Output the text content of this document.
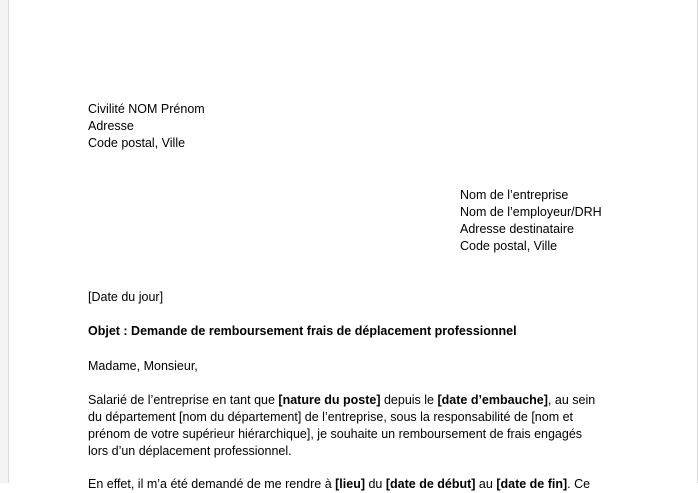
Civilité NOM Prénom
Adresse
Code postal, Ville
Nom de l’entreprise
Nom de l’employeur/DRH
Adresse destinataire
Code postal, Ville
[Date du jour]
Objet : Demande de remboursement frais de déplacement professionnel
Madame, Monsieur,
Salarié de l’entreprise en tant que [nature du poste] depuis le [date d’embauche], au sein
du département [nom du département] de l’entreprise, sous la responsabilité de [nom et
prénom de votre supérieur hiérarchique], je souhaite un remboursement de frais engagés
lors d’un déplacement professionnel.
En effet, il m’a été demandé de me rendre à [lieu] du [date de début] au [date de fin]. Ce
